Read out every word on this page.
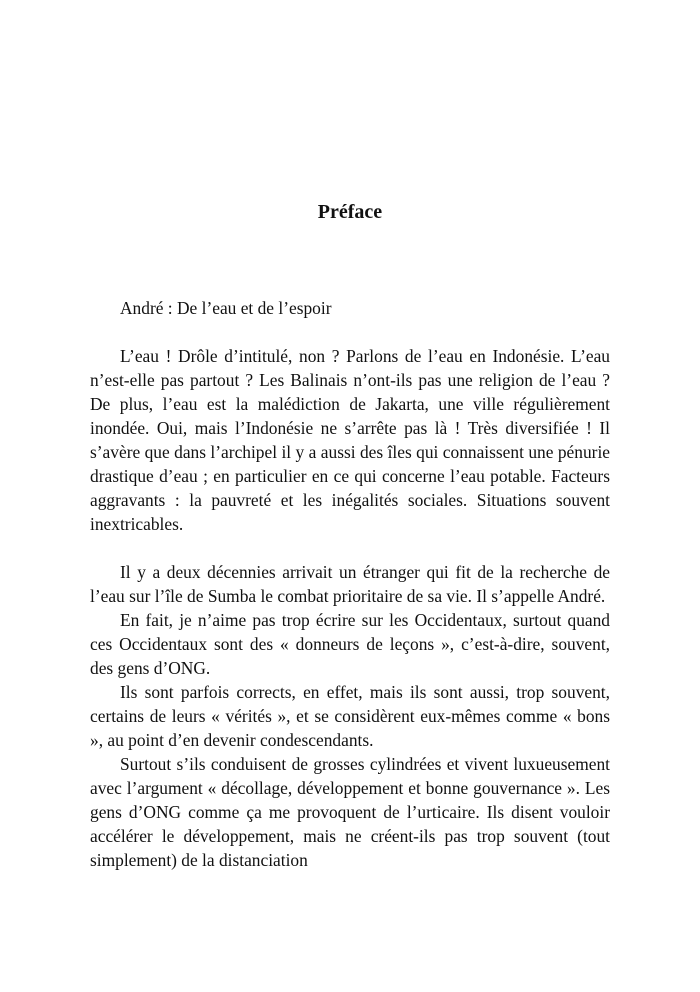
Préface

André : De l’eau et de l’espoir

L’eau ! Drôle d’intitulé, non ? Parlons de l’eau en Indonésie. L’eau n’est-elle pas partout ? Les Balinais n’ont-ils pas une religion de l’eau ? De plus, l’eau est la malédiction de Jakarta, une ville régulièrement inondée. Oui, mais l’Indonésie ne s’arrête pas là ! Très diversifiée ! Il s’avère que dans l’archipel il y a aussi des îles qui connaissent une pénurie drastique d’eau ; en particulier en ce qui concerne l’eau potable. Facteurs aggravants : la pauvreté et les inégalités sociales. Situations souvent inextricables.

Il y a deux décennies arrivait un étranger qui fit de la recherche de l’eau sur l’île de Sumba le combat prioritaire de sa vie. Il s’appelle André.

En fait, je n’aime pas trop écrire sur les Occidentaux, surtout quand ces Occidentaux sont des « donneurs de leçons », c’est-à-dire, souvent, des gens d’ONG.

Ils sont parfois corrects, en effet, mais ils sont aussi, trop souvent, certains de leurs « vérités », et se considèrent eux-mêmes comme « bons », au point d’en devenir condescendants.

Surtout s’ils conduisent de grosses cylindrées et vivent luxueusement avec l’argument « décollage, développement et bonne gouvernance ». Les gens d’ONG comme ça me provoquent de l’urticaire. Ils disent vouloir accélérer le développement, mais ne créent-ils pas trop souvent (tout simplement) de la distanciation
